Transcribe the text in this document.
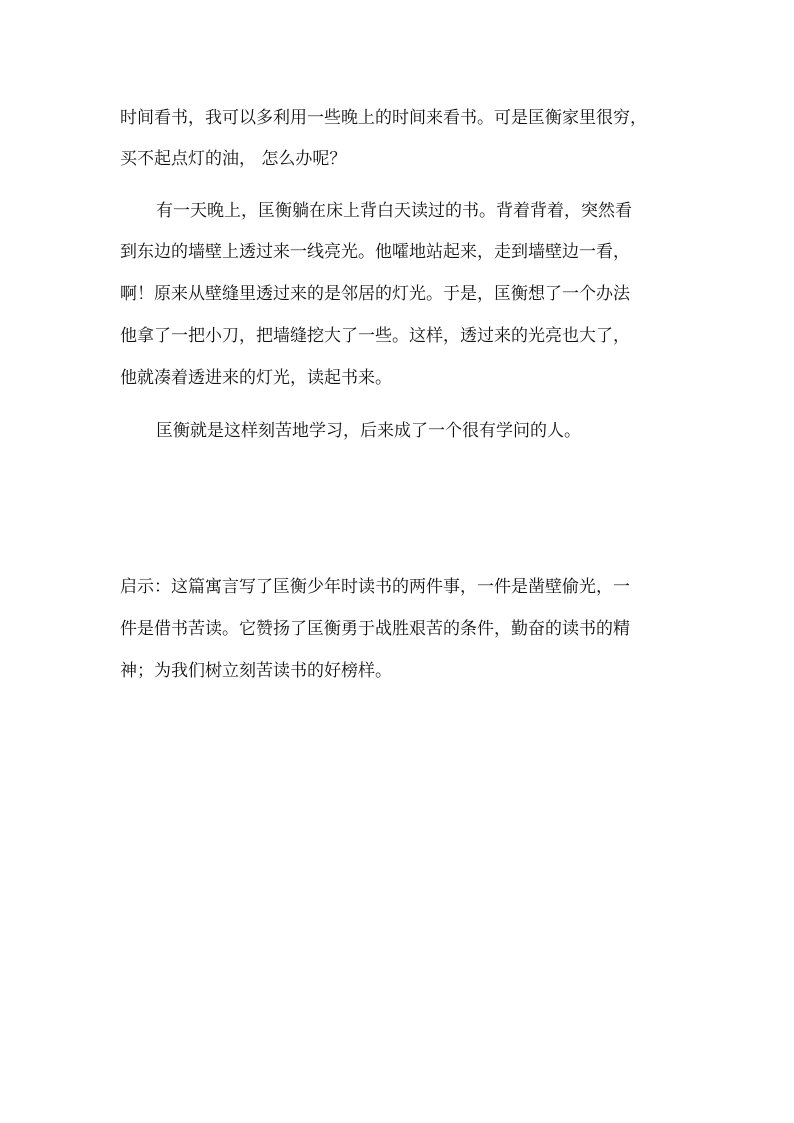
时间看书，我可以多利用一些晚上的时间来看书。可是匡衡家里很穷，
买不起点灯的油， 怎么办呢？
有一天晚上，匡衡躺在床上背白天读过的书。背着背着，突然看
到东边的墙壁上透过来一线亮光。他嚯地站起来，走到墙壁边一看，
啊！原来从壁缝里透过来的是邻居的灯光。于是，匡衡想了一个办法
他拿了一把小刀，把墙缝挖大了一些。这样，透过来的光亮也大了，
他就凑着透进来的灯光，读起书来。
匡衡就是这样刻苦地学习，后来成了一个很有学问的人。
启示：这篇寓言写了匡衡少年时读书的两件事，一件是凿壁偷光，一
件是借书苦读。它赞扬了匡衡勇于战胜艰苦的条件，勤奋的读书的精
神；为我们树立刻苦读书的好榜样。
